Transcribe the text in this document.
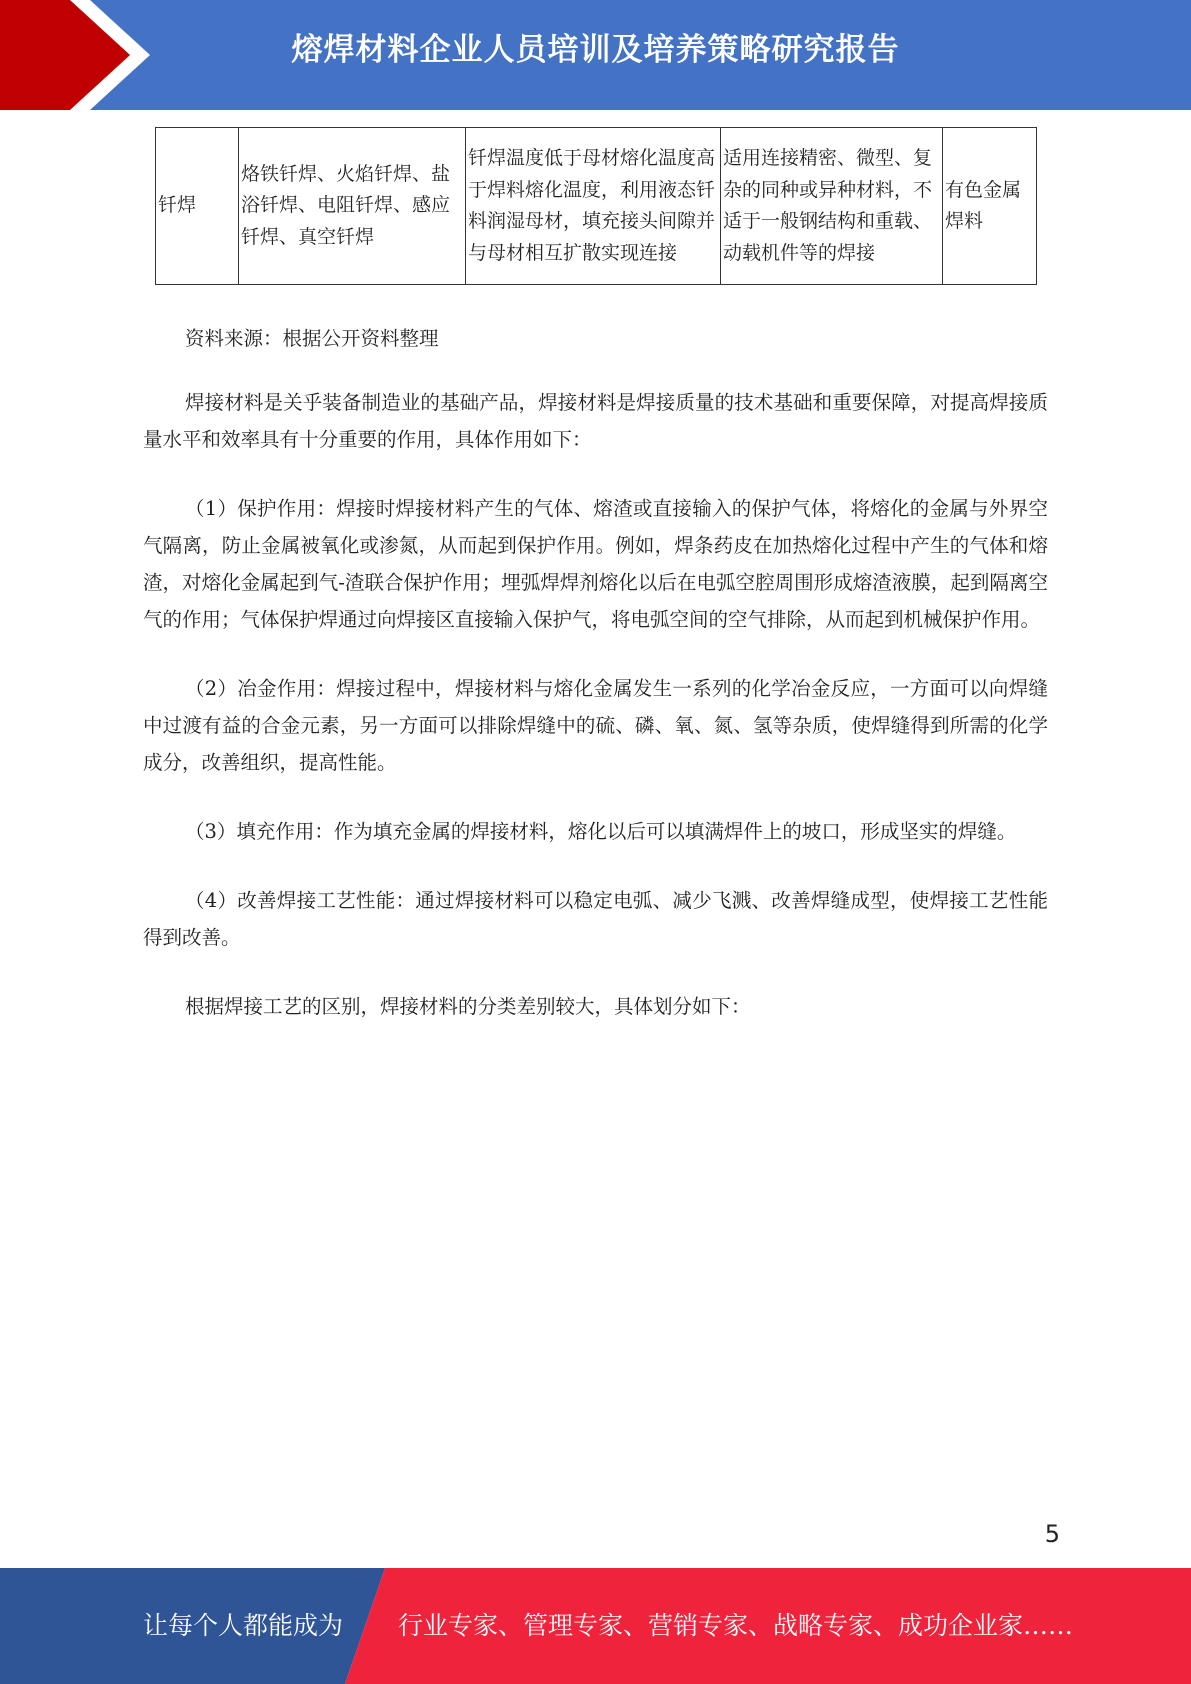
熔焊材料企业人员培训及培养策略研究报告
钎焊	烙铁钎焊、火焰钎焊、盐浴钎焊、电阻钎焊、感应钎焊、真空钎焊	钎焊温度低于母材熔化温度高于焊料熔化温度，利用液态钎料润湿母材，填充接头间隙并与母材相互扩散实现连接	适用连接精密、微型、复杂的同种或异种材料，不适于一般钢结构和重载、动载机件等的焊接	有色金属焊料

资料来源：根据公开资料整理

焊接材料是关乎装备制造业的基础产品，焊接材料是焊接质量的技术基础和重要保障，对提高焊接质量水平和效率具有十分重要的作用，具体作用如下：

（1）保护作用：焊接时焊接材料产生的气体、熔渣或直接输入的保护气体，将熔化的金属与外界空气隔离，防止金属被氧化或渗氮，从而起到保护作用。例如，焊条药皮在加热熔化过程中产生的气体和熔渣，对熔化金属起到气-渣联合保护作用；埋弧焊焊剂熔化以后在电弧空腔周围形成熔渣液膜，起到隔离空气的作用；气体保护焊通过向焊接区直接输入保护气，将电弧空间的空气排除，从而起到机械保护作用。

（2）冶金作用：焊接过程中，焊接材料与熔化金属发生一系列的化学冶金反应，一方面可以向焊缝中过渡有益的合金元素，另一方面可以排除焊缝中的硫、磷、氧、氮、氢等杂质，使焊缝得到所需的化学成分，改善组织，提高性能。

（3）填充作用：作为填充金属的焊接材料，熔化以后可以填满焊件上的坡口，形成坚实的焊缝。

（4）改善焊接工艺性能：通过焊接材料可以稳定电弧、减少飞溅、改善焊缝成型，使焊接工艺性能得到改善。

根据焊接工艺的区别，焊接材料的分类差别较大，具体划分如下：

5
让每个人都能成为 行业专家、管理专家、营销专家、战略专家、成功企业家……
